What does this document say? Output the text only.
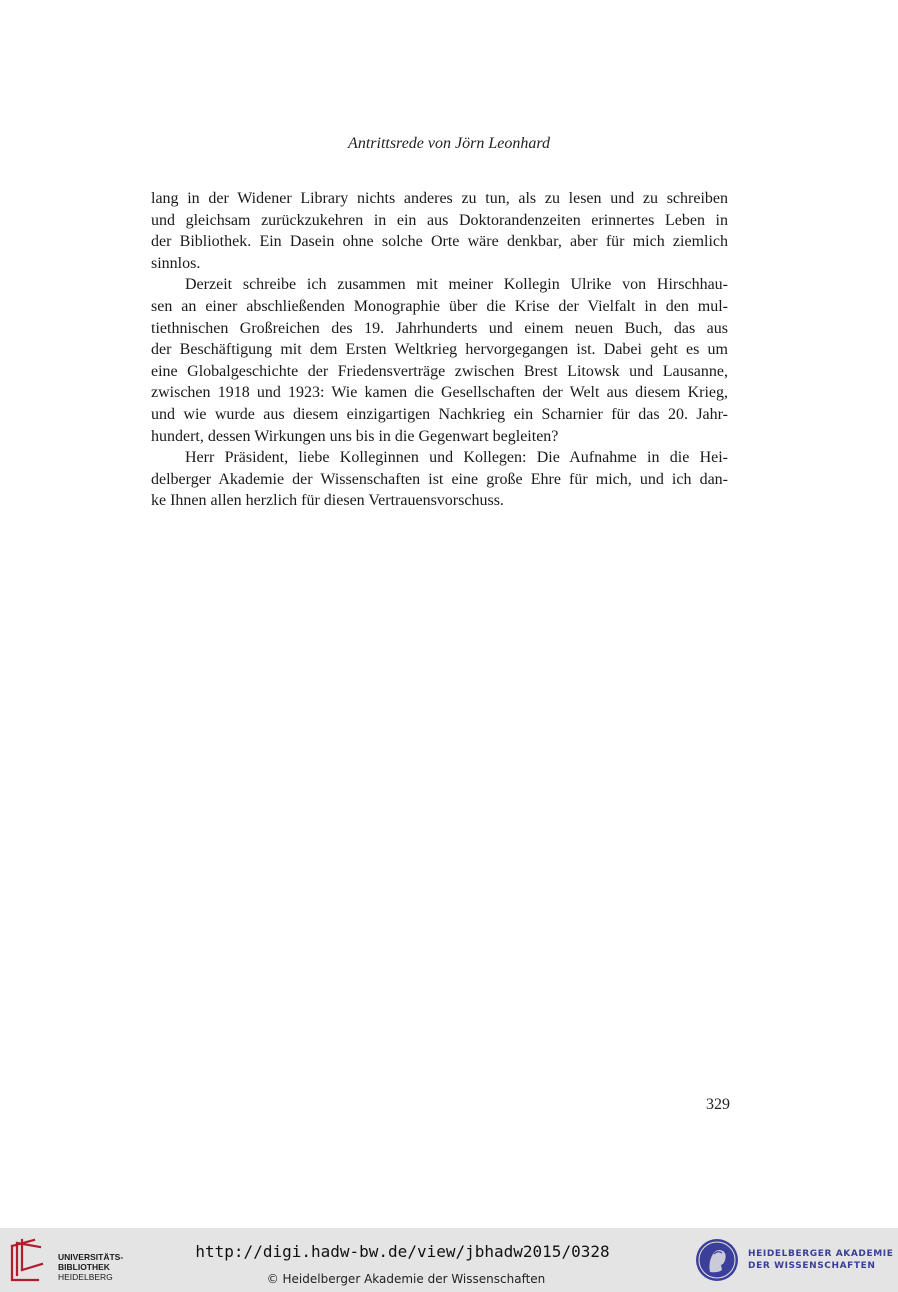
Antrittsrede von Jörn Leonhard

lang in der Widener Library nichts anderes zu tun, als zu lesen und zu schreiben
und gleichsam zurückzukehren in ein aus Doktorandenzeiten erinnertes Leben in
der Bibliothek. Ein Dasein ohne solche Orte wäre denkbar, aber für mich ziemlich
sinnlos.

Derzeit schreibe ich zusammen mit meiner Kollegin Ulrike von Hirschhau-
sen an einer abschließenden Monographie über die Krise der Vielfalt in den mul-
tiethnischen Großreichen des 19. Jahrhunderts und einem neuen Buch, das aus
der Beschäftigung mit dem Ersten Weltkrieg hervorgegangen ist. Dabei geht es um
eine Globalgeschichte der Friedensverträge zwischen Brest Litowsk und Lausanne,
zwischen 1918 und 1923: Wie kamen die Gesellschaften der Welt aus diesem Krieg,
und wie wurde aus diesem einzigartigen Nachkrieg ein Scharnier für das 20. Jahr-
hundert, dessen Wirkungen uns bis in die Gegenwart begleiten?

Herr Präsident, liebe Kolleginnen und Kollegen: Die Aufnahme in die Hei-
delberger Akademie der Wissenschaften ist eine große Ehre für mich, und ich dan-
ke Ihnen allen herzlich für diesen Vertrauensvorschuss.

329
UNIVERSITÄTS-
BIBLIOTHEK
HEIDELBERG
http://digi.hadw-bw.de/view/jbhadw2015/0328
© Heidelberger Akademie der Wissenschaften
HEIDELBERGER AKADEMIE
DER WISSENSCHAFTEN
